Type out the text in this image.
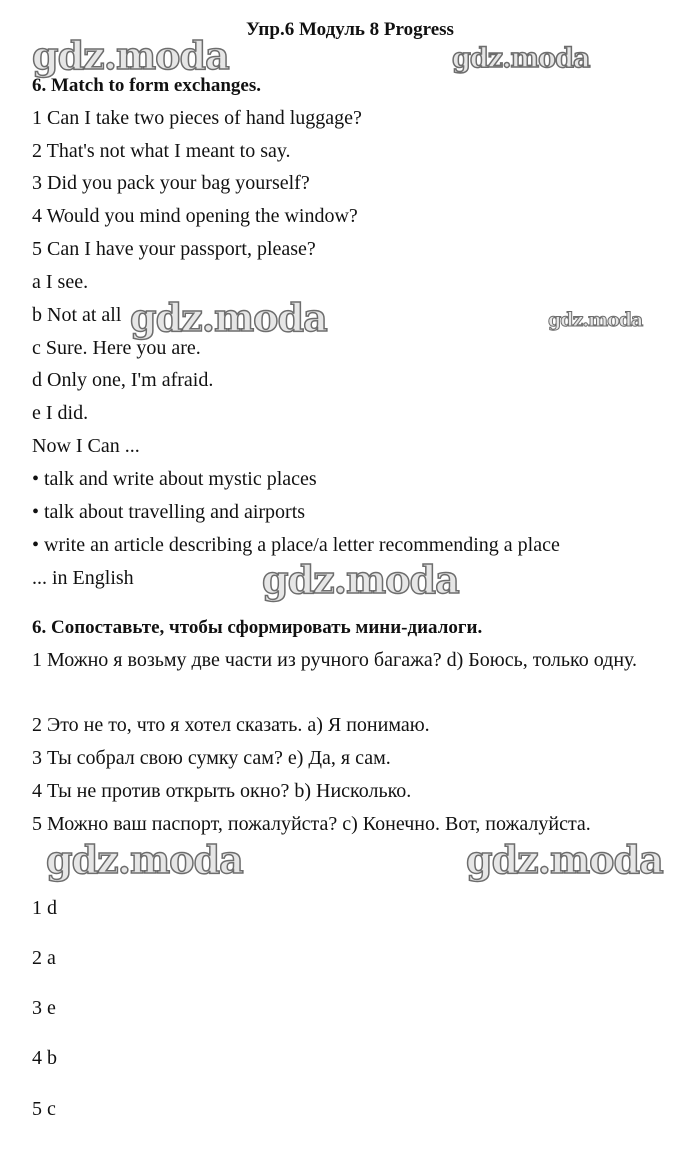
Упр.6 Модуль 8 Progress
gdz.moda	gdz.moda
gdz.moda	gdz.moda
gdz.moda
gdz.moda	gdz.moda
6. Match to form exchanges.
1 Can I take two pieces of hand luggage?
2 That's not what I meant to say.
3 Did you pack your bag yourself?
4 Would you mind opening the window?
5 Can I have your passport, please?
a I see.
b Not at all
c Sure. Here you are.
d Only one, I'm afraid.
e I did.
Now I Can ...
• talk and write about mystic places
• talk about travelling and airports
• write an article describing a place/a letter recommending a place
... in English
6. Сопоставьте, чтобы сформировать мини-диалоги.
1 Можно я возьму две части из ручного багажа? d) Боюсь, только одну.
2 Это не то, что я хотел сказать. a) Я понимаю.
3 Ты собрал свою сумку сам? e) Да, я сам.
4 Ты не против открыть окно? b) Нисколько.
5 Можно ваш паспорт, пожалуйста? c) Конечно. Вот, пожалуйста.
1 d
2 a
3 e
4 b
5 c
